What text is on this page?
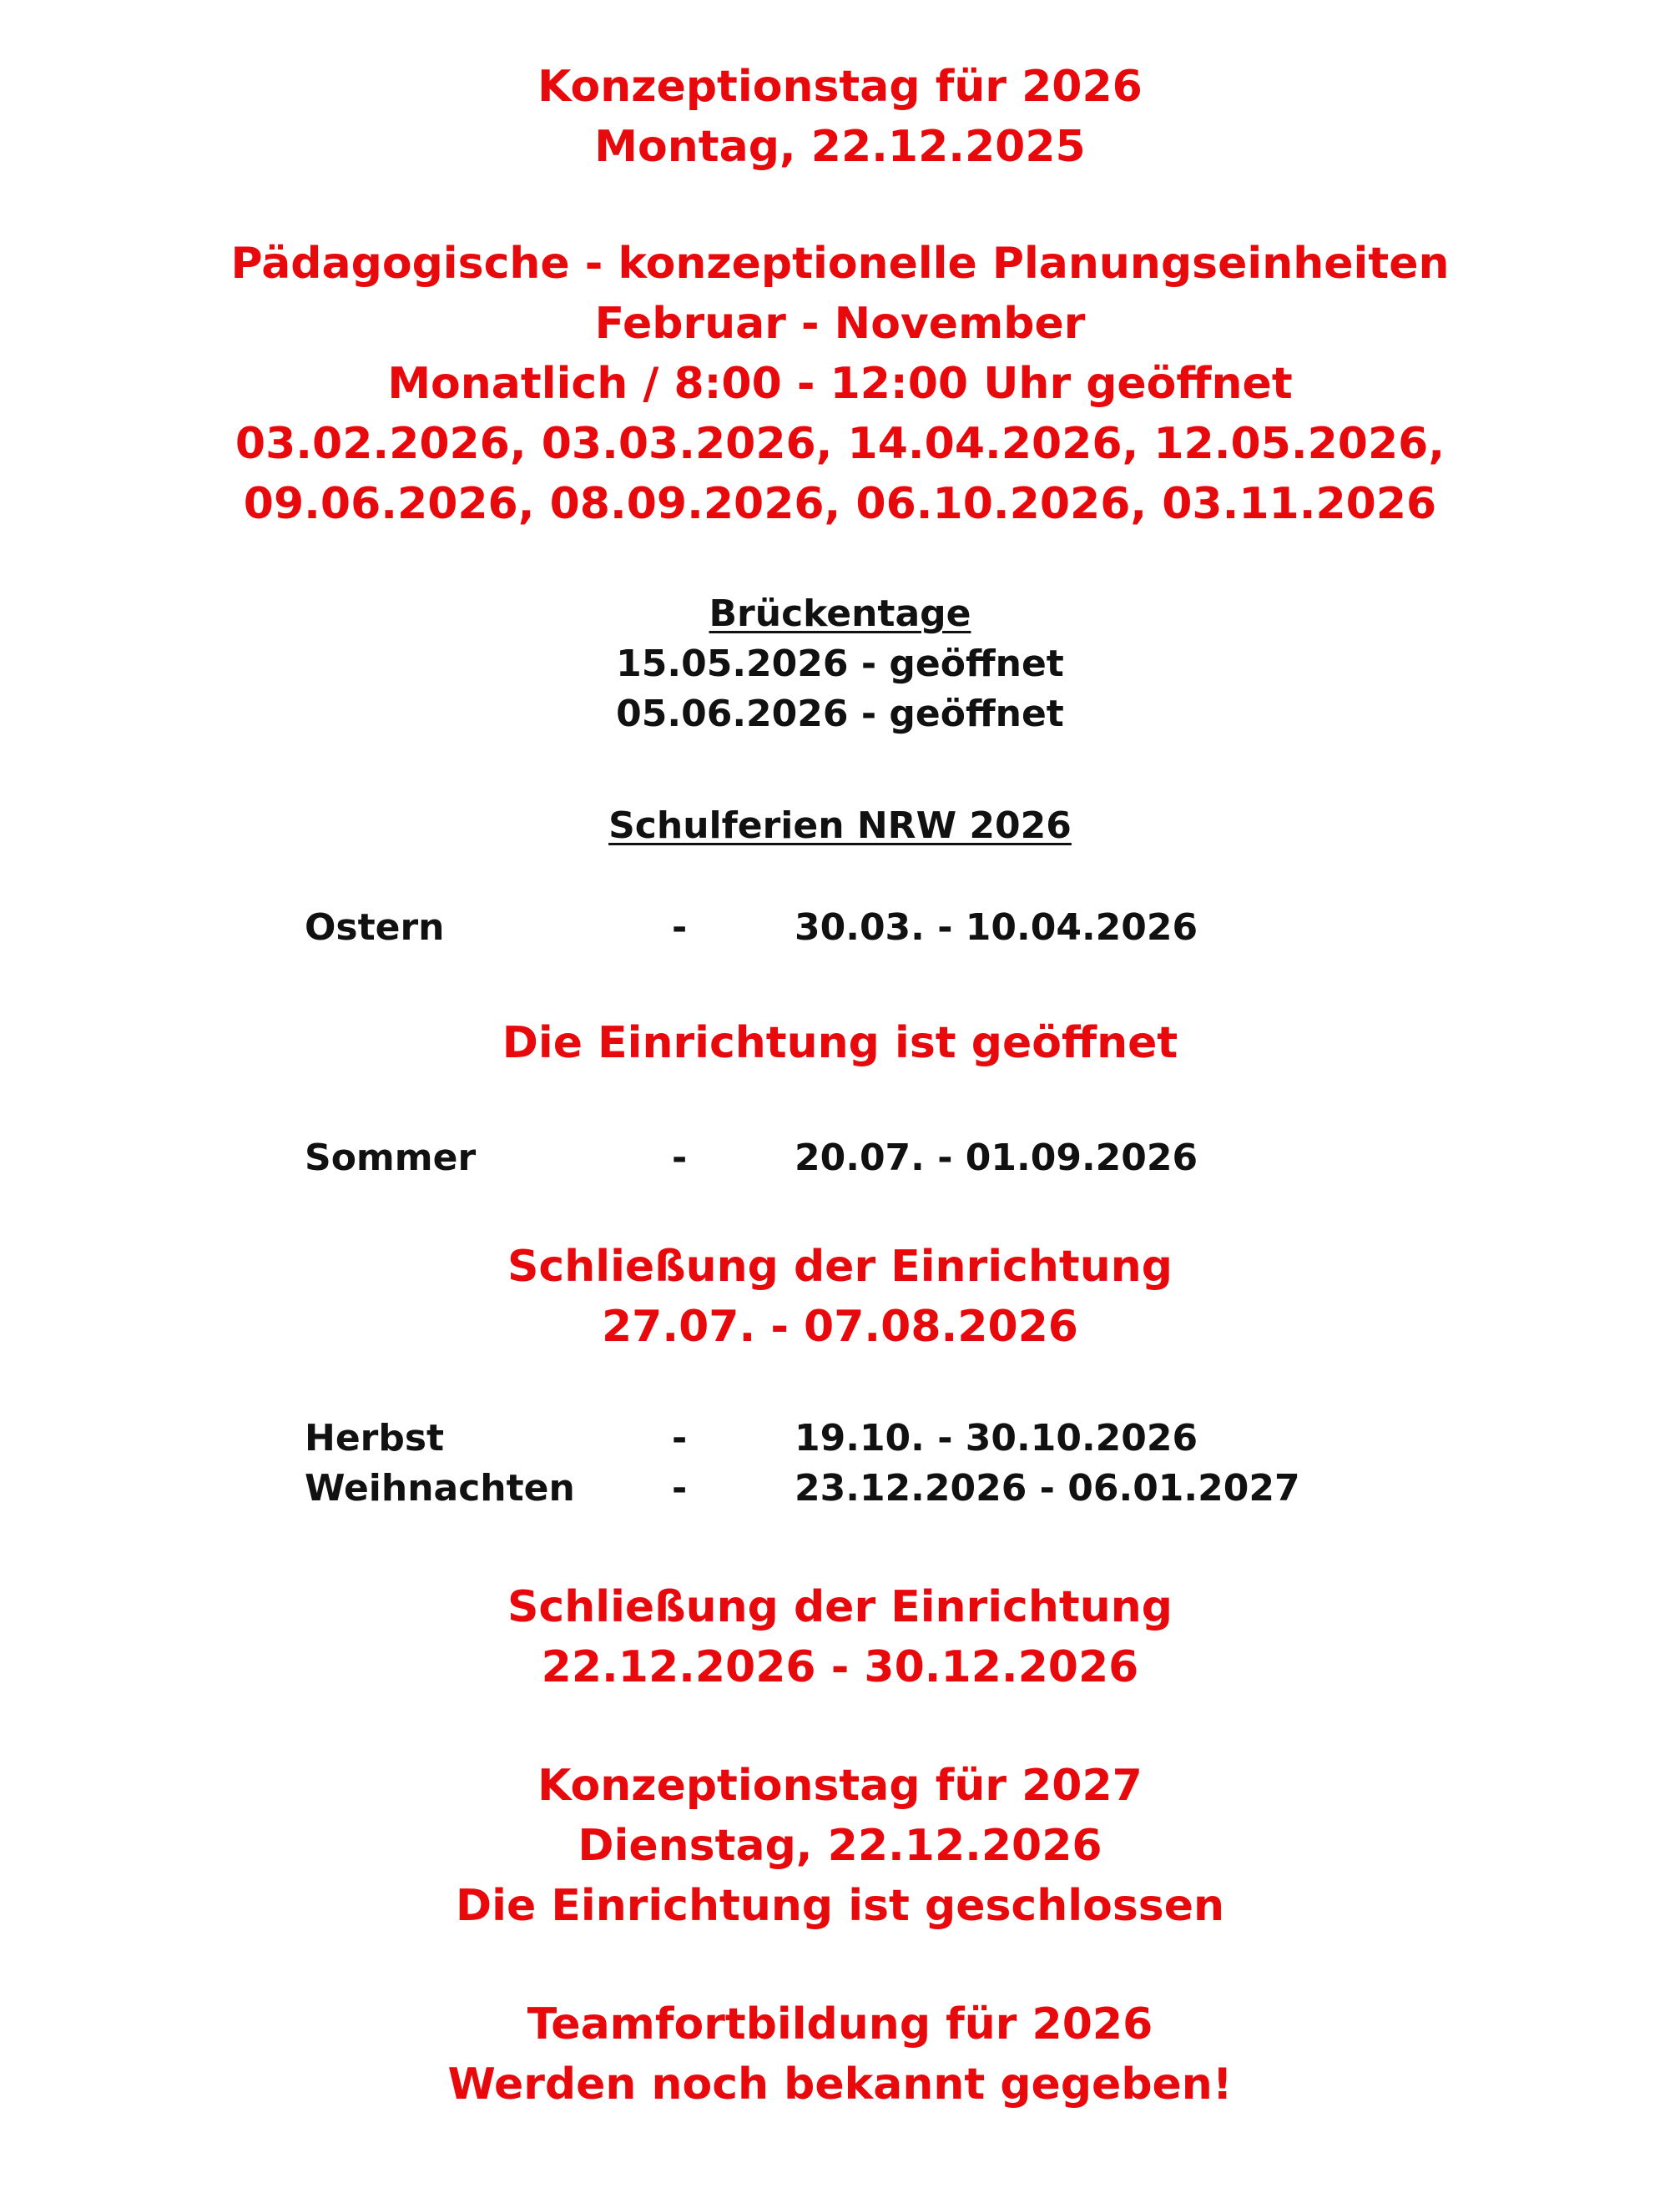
Konzeptionstag für 2026
Montag, 22.12.2025
Pädagogische - konzeptionelle Planungseinheiten
Februar - November
Monatlich / 8:00 - 12:00 Uhr geöffnet
03.02.2026, 03.03.2026, 14.04.2026, 12.05.2026,
09.06.2026, 08.09.2026, 06.10.2026, 03.11.2026
Brückentage
15.05.2026 - geöffnet
05.06.2026 - geöffnet
Schulferien NRW 2026
Ostern	-	30.03. - 10.04.2026
Die Einrichtung ist geöffnet
Sommer	-	20.07. - 01.09.2026
Schließung der Einrichtung
27.07. - 07.08.2026
Herbst	-	19.10. - 30.10.2026
Weihnachten	-	23.12.2026 - 06.01.2027
Schließung der Einrichtung
22.12.2026 - 30.12.2026
Konzeptionstag für 2027
Dienstag, 22.12.2026
Die Einrichtung ist geschlossen
Teamfortbildung für 2026
Werden noch bekannt gegeben!
